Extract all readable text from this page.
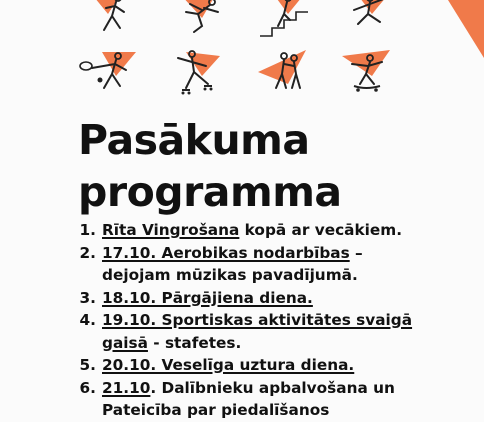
Pasākuma
programma
1. Rīta Vingrošana kopā ar vecākiem.
2. 17.10. Aerobikas nodarbības –
dejojam mūzikas pavadījumā.
3. 18.10. Pārgājiena diena.
4. 19.10. Sportiskas aktivitātes svaigā
gaisā - stafetes.
5. 20.10. Veselīga uztura diena.
6. 21.10. Dalībnieku apbalvošana un
Pateicība par piedalīšanos
